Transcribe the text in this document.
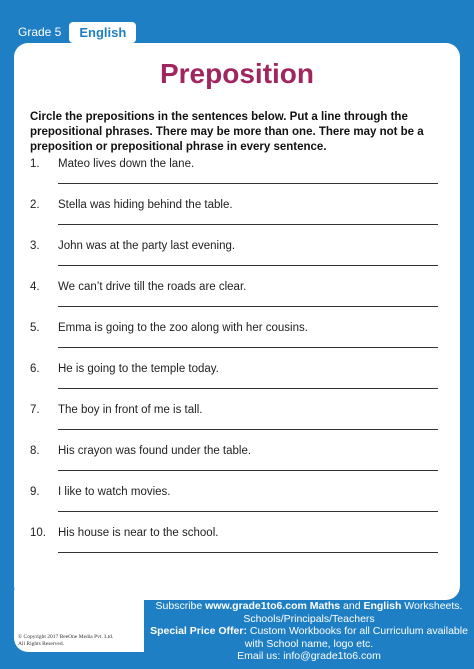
Grade 5	English
Preposition
Circle the prepositions in the sentences below. Put a line through the prepositional phrases. There may be more than one. There may not be a preposition or prepositional phrase in every sentence.
1.	Mateo lives down the lane.
2.	Stella was hiding behind the table.
3.	John was at the party last evening.
4.	We can’t drive till the roads are clear.
5.	Emma is going to the zoo along with her cousins.
6.	He is going to the temple today.
7.	The boy in front of me is tall.
8.	His crayon was found under the table.
9.	I like to watch movies.
10.	His house is near to the school.
Subscribe www.grade1to6.com Maths and English Worksheets.
Schools/Principals/Teachers
Special Price Offer: Custom Workbooks for all Curriculum available
with School name, logo etc.
Email us: info@grade1to6.com
© Copyright 2017 BeeOne Media Pvt. Ltd.
All Rights Reserved.
